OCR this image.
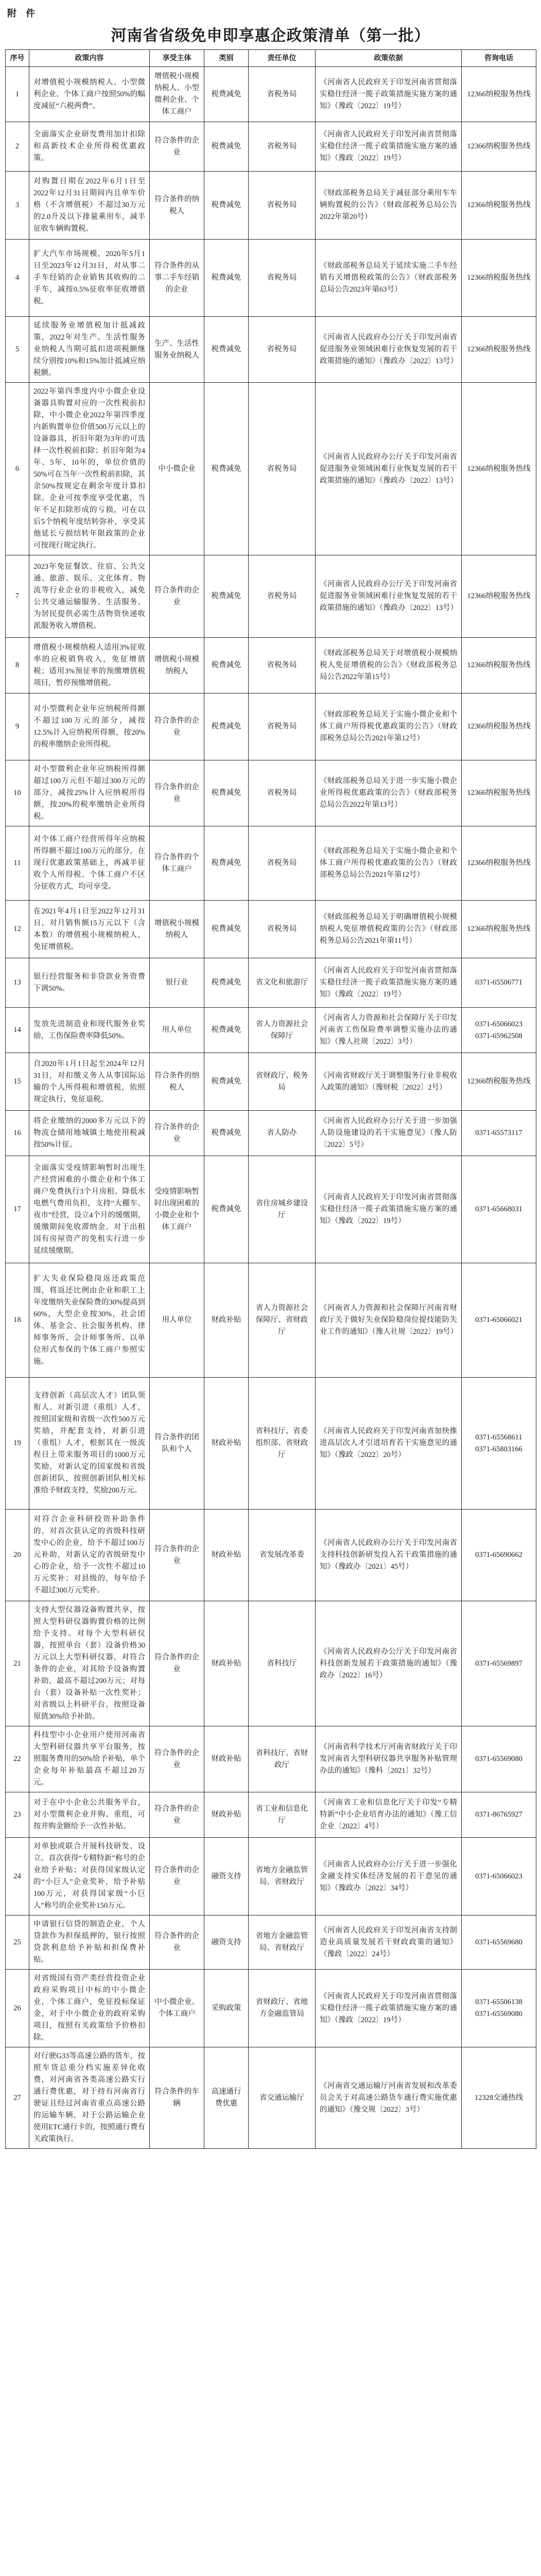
附 件
河南省省级免申即享惠企政策清单（第一批）
序号	政策内容	享受主体	类别	责任单位	政策依据	咨询电话
1	对增值税小规模纳税人、小型微利企业、个体工商户按照50%的幅度减征“六税两费”。	增值税小规模纳税人、小型微利企业、个体工商户	税费减免	省税务局	《河南省人民政府关于印发河南省贯彻落实稳住经济一揽子政策措施实施方案的通知》（豫政〔2022〕19号）	12366纳税服务热线
2	全面落实企业研发费用加计扣除和高新技术企业所得税优惠政策。	符合条件的企业	税费减免	省税务局	《河南省人民政府关于印发河南省贯彻落实稳住经济一揽子政策措施实施方案的通知》（豫政〔2022〕19号）	12366纳税服务热线
3	对购置日期在2022年6月1日至2022年12月31日期间内且单车价格（不含增值税）不超过30万元的2.0升及以下排量乘用车，减半征收车辆购置税。	符合条件的纳税人	税费减免	省税务局	《财政部税务总局关于减征部分乘用车车辆购置税的公告》（财政部税务总局公告2022年第20号）	12366纳税服务热线
4	扩大汽车市场规模，2020年5月1日至2023年12月31日，对从事二手车经销的企业销售其收购的二手车，减按0.5%征收率征收增值税。	符合条件的从事二手车经销的企业	税费减免	省税务局	《财政部税务总局关于延续实施二手车经销有关增值税政策的公告》（财政部税务总局公告2023年第63号）	12366纳税服务热线
5	延续服务业增值税加计抵减政策，2022年对生产、生活性服务业纳税人当期可抵扣进项税额继续分别按10%和15%加计抵减应纳税额。	生产、生活性服务业纳税人	税费减免	省税务局	《河南省人民政府办公厅关于印发河南省促进服务业领域困难行业恢复发展的若干政策措施的通知》（豫政办〔2022〕13号）	12366纳税服务热线
6	2022年第四季度内中小微企业设备器具购置对应的一次性税前扣除，中小微企业2022年第四季度内新购置单位价值500万元以上的设备器具，折旧年限为3年的可选择一次性税前扣除；折旧年限为4年、5年、10年的，单位价值的50%可在当年一次性税前扣除，其余50%按规定在剩余年度计算扣除。企业可按季度享受优惠，当年不足扣除形成的亏损，可在以后5个纳税年度结转弥补，享受其他延长亏损结转年限政策的企业可按现行规定执行。	中小微企业	税费减免	省税务局	《河南省人民政府办公厅关于印发河南省促进服务业领域困难行业恢复发展的若干政策措施的通知》（豫政办〔2022〕13号）	12366纳税服务热线
7	2023年免征餐饮、住宿、公共交通、旅游、娱乐、文化体育、物流等行业企业的非税收入，减免公共交通运输服务、生活服务、为居民提供必需生活物资快递收派服务收入增值税。	符合条件的企业	税费减免	省税务局	《河南省人民政府办公厅关于印发河南省促进服务业领域困难行业恢复发展的若干政策措施的通知》（豫政办〔2022〕13号）	12366纳税服务热线
8	增值税小规模纳税人适用3%征收率的应税销售收入，免征增值税；适用3%预征率的预缴增值税项目，暂停预缴增值税。	增值税小规模纳税人	税费减免	省税务局	《财政部税务总局关于对增值税小规模纳税人免征增值税的公告》（财政部税务总局公告2022年第15号）	12366纳税服务热线
9	对小型微利企业年应纳税所得额不超过100万元的部分，减按12.5%计入应纳税所得额，按20%的税率缴纳企业所得税。	符合条件的企业	税费减免	省税务局	《财政部税务总局关于实施小微企业和个体工商户所得税优惠政策的公告》（财政部税务总局公告2021年第12号）	12366纳税服务热线
10	对小型微利企业年应纳税所得额超过100万元但不超过300万元的部分，减按25%计入应纳税所得额，按20%的税率缴纳企业所得税。	符合条件的企业	税费减免	省税务局	《财政部税务总局关于进一步实施小微企业所得税优惠政策的公告》（财政部税务总局公告2022年第13号）	12366纳税服务热线
11	对个体工商户经营所得年应纳税所得额不超过100万元的部分，在现行优惠政策基础上，再减半征收个人所得税。个体工商户不区分征收方式，均可享受。	符合条件的个体工商户	税费减免	省税务局	《财政部税务总局关于实施小微企业和个体工商户所得税优惠政策的公告》（财政部税务总局公告2021年第12号）	12366纳税服务热线
12	在2021年4月1日至2022年12月31日，对月销售额15万元以下（含本数）的增值税小规模纳税人，免征增值税。	增值税小规模纳税人	税费减免	省税务局	《财政部税务总局关于明确增值税小规模纳税人免征增值税政策的公告》（财政部税务总局公告2021年第11号）	12366纳税服务热线
13	银行经营服务和非贷款业务资费下调50%。	银行业	税费减免	省文化和旅游厅	《河南省人民政府关于印发河南省贯彻落实稳住经济一揽子政策措施实施方案的通知》（豫政〔2022〕19号）	0371-65506771
14	发放先进制造业和现代服务业奖励，工伤保险费率降低50%。	用人单位	税费减免	省人力资源社会保障厅	《河南省人力资源和社会保障厅关于印发河南省工伤保险费率调整实施办法的通知》（豫人社规〔2022〕3号）	0371-65066023 0371-65962508
15	自2020年1月1日起至2024年12月31日，对扣缴义务人从事国际运输的个人所得税和增值税，依照规定执行，免征退税。	符合条件的纳税人	税费减免	省财政厅、税务局	《河南省财政厅关于调整服务行业非税收入政策的通知》（豫财税〔2022〕2号）	12366纳税服务热线
16	将企业缴纳的2000多万元以下的物流仓储用地城镇土地使用税减按50%计征。	符合条件的企业	税费减免	省人防办	《河南省人民政府办公厅关于进一步加强人防设施建设的若干实施意见》（豫人防〔2022〕5号）	0371-65573117
17	全面落实受疫情影响暂时出现生产经营困难的小微企业和个体工商户免费执行3个月房租、降低水电燃气费用负担，支持“大棚车、夜市”经营，设立4个月的缓缴期，缓缴期间免收滞纳金、对于出租国有房屋资产的免租实行进一步延续缓缴期。	受疫情影响暂时出现困难的小微企业和个体工商户	税费减免	省住房城乡建设厅	《河南省人民政府关于印发河南省贯彻落实稳住经济一揽子政策措施实施方案的通知》（豫政〔2022〕19号）	0371-65668031
18	扩大失业保险稳岗返还政策范围，将返还比例由企业和职工上年度缴纳失业保险费的30%提高到60%，大型企业按30%，社会团体、基金会、社会服务机构、律师事务所、会计师事务所、以单位形式参保的个体工商户参照实施。	用人单位	财政补贴	省人力资源社会保障厅、省财政厅	《河南省人力资源和社会保障厅河南省财政厅关于做好失业保险稳岗位提技能防失业工作的通知》（豫人社规〔2022〕19号）	0371-65066021
19	支持创新（高层次人才）团队领衔人、对新引进（重组）人才，按照国家级和省级一次性500万元奖励，并配套支持，对新引进（重组）人才，根据其在一级流程目上带来服务项目的1000万元奖励，对新认定的国家级和省级创新团队，按照创新团队相关标准给予财政支持，奖励200万元。	符合条件的团队和个人	财政补贴	省科技厅、省委组织部、省财政厅	《河南省人民政府关于印发河南省加快推进高层次人才引进培育若干实施意见的通知》（豫政〔2022〕20号）	0371-65568611 0371-65803166
20	对符合企业科研投资补助条件的，对首次获认定的省级科技研发中心的企业，给予不超过100万元补助，对新认定的省级研发中心的企业，给予一次性不超过10万元奖补；对县级的，每年给予不超过300万元奖补。	符合条件的企业	财政补贴	省发展改革委	《河南省人民政府办公厅关于印发河南省支持科技创新研发投入若干政策措施的通知》（豫政办〔2021〕45号）	0371-65690662
21	支持大型仪器设备购置共享，按照大型科研仪器购置价格的比例给予支持。对每个大型科研仪器，按照单台（套）设备价格30万元以上大型科研仪器，对符合条件的企业，对其给予设备购置补助，最高不超过200万元；对每台（套）设备补贴一次性奖补；对省级以上科研平台，按照设备原值30%给予补助。	符合条件的企业	财政补贴	省科技厅	《河南省人民政府办公厅关于印发河南省科技创新发展若干政策措施的通知》（豫政办〔2022〕16号）	0371-65569897
22	科技型中小企业用户使用河南省大型科研仪器共享平台服务，按照服务费用的50%给予补贴，单个企业每年补贴最高不超过20万元。	符合条件的企业	财政补贴	省科技厅、省财政厅	《河南省科学技术厅河南省财政厅关于印发河南省大型科研仪器共享服务补贴管理办法的通知》（豫科〔2021〕32号）	0371-65569080
23	对于在中小企业公共服务平台，对小型微利企业并购、重组，可按并购金额给予一次性补贴。	符合条件的企业	财政补贴	省工业和信息化厅	《河南省工业和信息化厅关于印发“专精特新”中小企业培育办法的通知》（豫工信企业〔2022〕4号）	0371-86765927
24	对单独或联合开展科技研发、设立、首次获得“专精特新”称号的企业给予补贴；对获得国家级认定的“小巨人”企业奖补，给予补贴100万元，对获得国家级“小巨人”称号的企业奖补150万元。	符合条件的企业	融资支持	省地方金融监管局、省财政厅	《河南省人民政府办公厅关于进一步强化金融支持实体经济发展的若干意见的通知》（豫政办〔2022〕34号）	0371-65066023
25	申请银行信贷的制造企业，个人贷款作为担保抵押的，银行按照贷款利息给予补贴和担保费补贴。	符合条件的企业	融资支持	省地方金融监管局、省财政厅	《河南省人民政府关于印发河南省支持制造业高质量发展若干财政政策的通知》（豫政〔2022〕24号）	0371-65569680
26	对省级国有资产类经营投资企业政府采购项目中标的中小微企业，个体工商户，免征投标保证金，对于中小微企业的政府采购项目，按照有关政策给予价格扣除。	中小微企业、个体工商户	采购政策	省财政厅、省地方金融监管局	《河南省人民政府关于印发河南省贯彻落实稳住经济一揽子政策措施实施方案的通知》（豫政〔2022〕19号）	0371-65506138 0371-65569080
27	对行驶G33等高速公路的货车，按照车货总重分档实施差异化收费，对河南省各类高速公路实行通行费优惠，对于持有河南省行驶证且经过河南省重点高速公路的运输车辆，对于公路运输企业使用ETC通行卡的，按照通行费有关政策执行。	符合条件的车辆	高速通行费优惠	省交通运输厅	《河南省交通运输厅河南省发展和改革委员会关于对高速公路货车通行费实施优惠的通知》（豫交规〔2022〕3号）	12328交通热线
